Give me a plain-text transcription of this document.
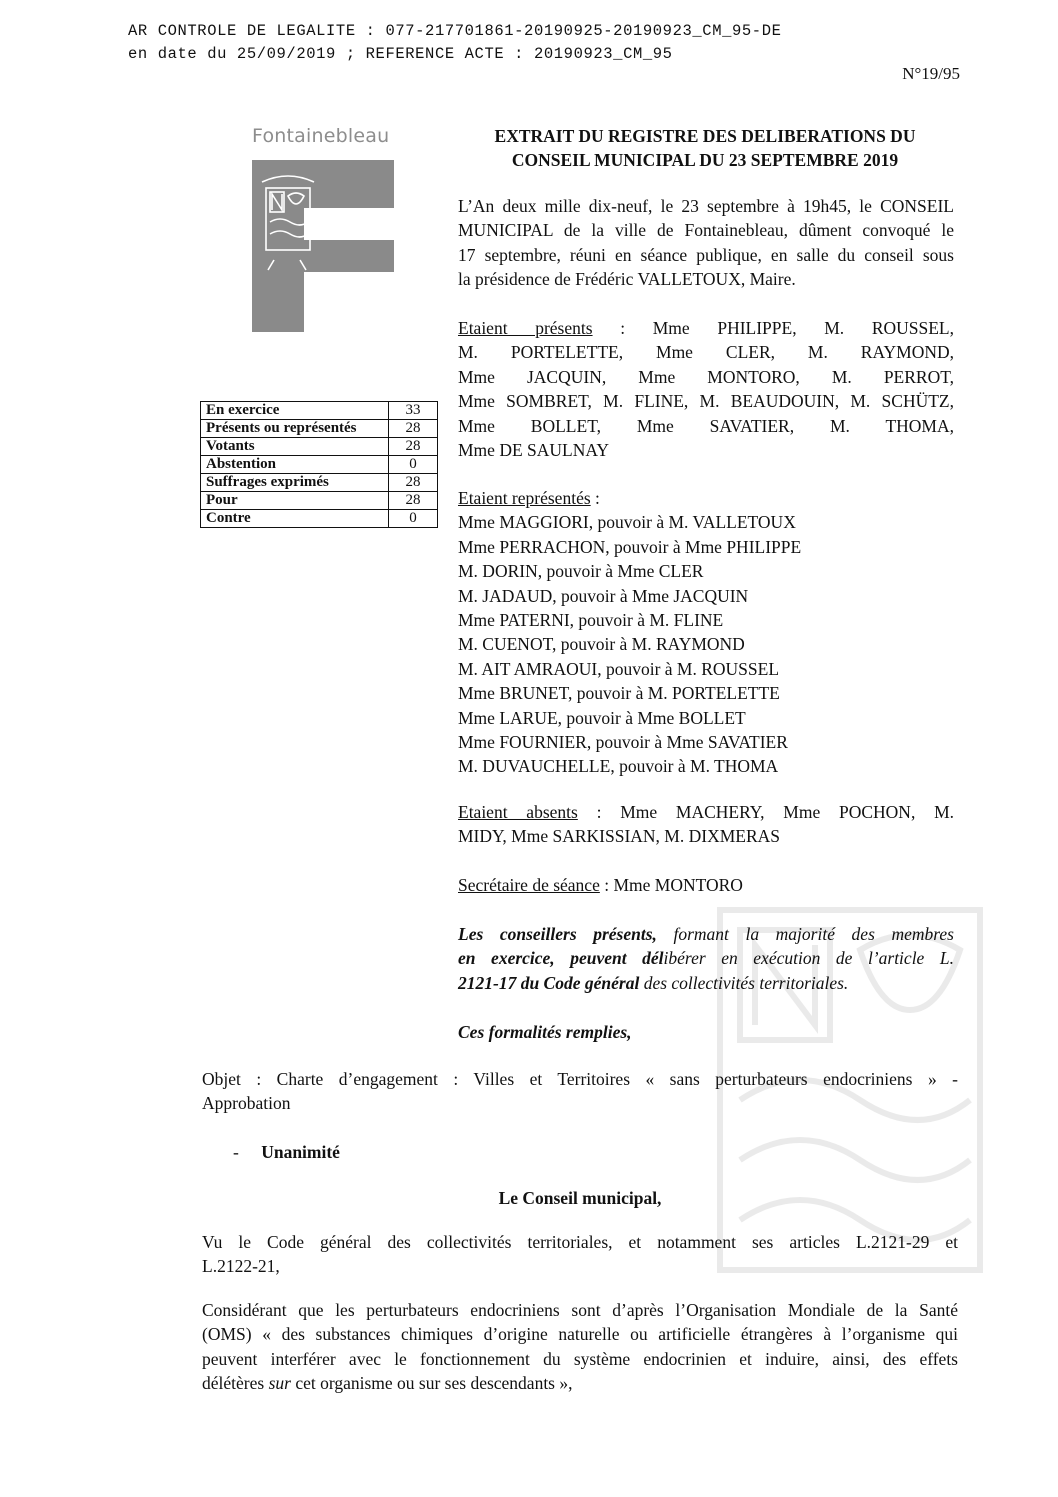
AR CONTROLE DE LEGALITE : 077-217701861-20190925-20190923_CM_95-DE
en date du 25/09/2019 ; REFERENCE ACTE : 20190923_CM_95
N°19/95
Fontainebleau
En exercice	33
Présents ou représentés	28
Votants	28
Abstention	0
Suffrages exprimés	28
Pour	28
Contre	0
EXTRAIT DU REGISTRE DES DELIBERATIONS DU
CONSEIL MUNICIPAL DU 23 SEPTEMBRE 2019
L’An deux mille dix-neuf, le 23 septembre à 19h45, le CONSEIL
MUNICIPAL de la ville de Fontainebleau, dûment convoqué le
17 septembre, réuni en séance publique, en salle du conseil sous
la présidence de Frédéric VALLETOUX, Maire.
Etaient présents : Mme PHILIPPE, M. ROUSSEL,
M. PORTELETTE, Mme CLER, M. RAYMOND,
Mme JACQUIN, Mme MONTORO, M. PERROT,
Mme SOMBRET, M. FLINE, M. BEAUDOUIN, M. SCHÜTZ,
Mme BOLLET, Mme SAVATIER, M. THOMA,
Mme DE SAULNAY
Etaient représentés :
Mme MAGGIORI, pouvoir à M. VALLETOUX
Mme PERRACHON, pouvoir à Mme PHILIPPE
M. DORIN, pouvoir à Mme CLER
M. JADAUD, pouvoir à Mme JACQUIN
Mme PATERNI, pouvoir à M. FLINE
M. CUENOT, pouvoir à M. RAYMOND
M. AIT AMRAOUI, pouvoir à M. ROUSSEL
Mme BRUNET, pouvoir à M. PORTELETTE
Mme LARUE, pouvoir à Mme BOLLET
Mme FOURNIER, pouvoir à Mme SAVATIER
M. DUVAUCHELLE, pouvoir à M. THOMA
Etaient absents : Mme MACHERY, Mme POCHON, M.
MIDY, Mme SARKISSIAN, M. DIXMERAS
Secrétaire de séance : Mme MONTORO
Les conseillers présents, formant la majorité des membres
en exercice, peuvent délibérer en exécution de l’article L.
2121-17 du Code général des collectivités territoriales.
Ces formalités remplies,
Objet : Charte d’engagement : Villes et Territoires « sans perturbateurs endocriniens » -
Approbation
- Unanimité
Le Conseil municipal,
Vu le Code général des collectivités territoriales, et notamment ses articles L.2121-29 et
L.2122-21,
Considérant que les perturbateurs endocriniens sont d’après l’Organisation Mondiale de la Santé
(OMS) « des substances chimiques d’origine naturelle ou artificielle étrangères à l’organisme qui
peuvent interférer avec le fonctionnement du système endocrinien et induire, ainsi, des effets
délétères sur cet organisme ou sur ses descendants »,
